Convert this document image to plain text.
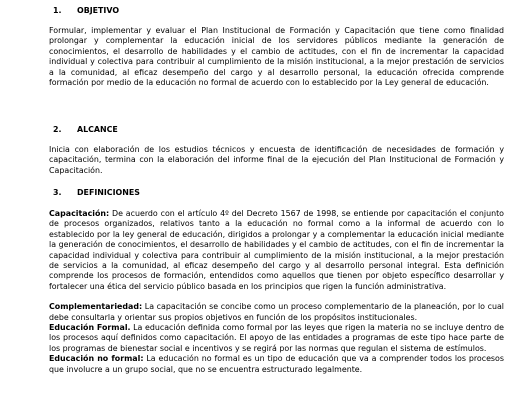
1. OBJETIVO

Formular, implementar y evaluar el Plan Institucional de Formación y Capacitación que tiene como finalidad prolongar y complementar la educación inicial de los servidores públicos mediante la generación de conocimientos, el desarrollo de habilidades y el cambio de actitudes, con el fin de incrementar la capacidad individual y colectiva para contribuir al cumplimiento de la misión institucional, a la mejor prestación de servicios a la comunidad, al eficaz desempeño del cargo y al desarrollo personal, la educación ofrecida comprende formación por medio de la educación no formal de acuerdo con lo establecido por la Ley general de educación.

2. ALCANCE

Inicia con elaboración de los estudios técnicos y encuesta de identificación de necesidades de formación y capacitación, termina con la elaboración del informe final de la ejecución del Plan Institucional de Formación y Capacitación.

3. DEFINICIONES

Capacitación: De acuerdo con el artículo 4º del Decreto 1567 de 1998, se entiende por capacitación el conjunto de procesos organizados, relativos tanto a la educación no formal como a la informal de acuerdo con lo establecido por la ley general de educación, dirigidos a prolongar y a complementar la educación inicial mediante la generación de conocimientos, el desarrollo de habilidades y el cambio de actitudes, con el fin de incrementar la capacidad individual y colectiva para contribuir al cumplimiento de la misión institucional, a la mejor prestación de servicios a la comunidad, al eficaz desempeño del cargo y al desarrollo personal integral. Esta definición comprende los procesos de formación, entendidos como aquellos que tienen por objeto específico desarrollar y fortalecer una ética del servicio público basada en los principios que rigen la función administrativa.

Complementariedad: La capacitación se concibe como un proceso complementario de la planeación, por lo cual debe consultarla y orientar sus propios objetivos en función de los propósitos institucionales.

Educación Formal. La educación definida como formal por las leyes que rigen la materia no se incluye dentro de los procesos aquí definidos como capacitación. El apoyo de las entidades a programas de este tipo hace parte de los programas de bienestar social e incentivos y se regirá por las normas que regulan el sistema de estímulos.

Educación no formal: La educación no formal es un tipo de educación que va a comprender todos los procesos que involucre a un grupo social, que no se encuentra estructurado legalmente.
